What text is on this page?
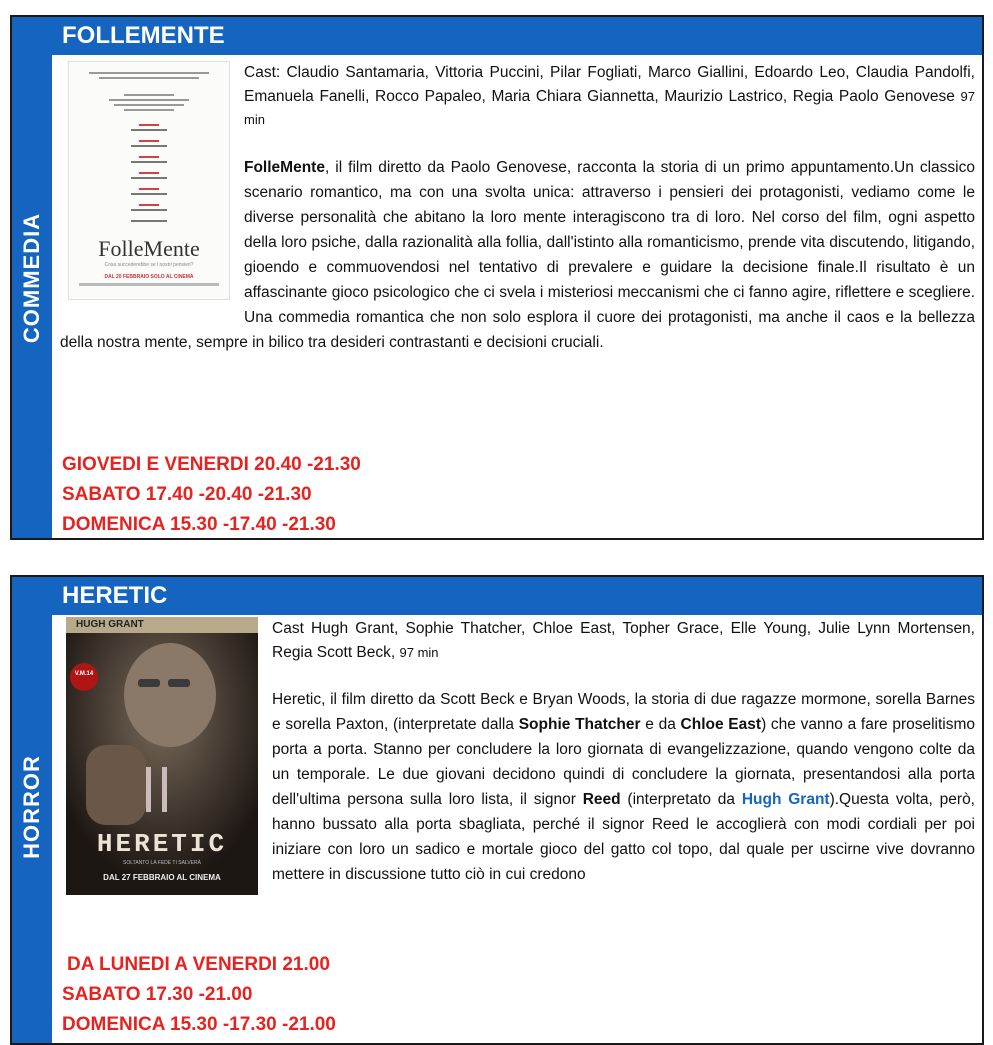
COMMEDIA
FOLLEMENTE
FolleMente
Cosa succederebbe se i nostri pensieri?
DAL 20 FEBBRAIO SOLO AL CINEMA
Cast: Claudio Santamaria, Vittoria Puccini, Pilar Fogliati, Marco Giallini, Edoardo Leo, Claudia Pandolfi, Emanuela Fanelli, Rocco Papaleo, Maria Chiara Giannetta, Maurizio Lastrico, Regia Paolo Genovese 97 min
FolleMente, il film diretto da Paolo Genovese, racconta la storia di un primo appuntamento.Un classico scenario romantico, ma con una svolta unica: attraverso i pensieri dei protagonisti, vediamo come le diverse personalità che abitano la loro mente interagiscono tra di loro. Nel corso del film, ogni aspetto della loro psiche, dalla razionalità alla follia, dall'istinto alla romanticismo, prende vita discutendo, litigando, gioendo e commuovendosi nel tentativo di prevalere e guidare la decisione finale.Il risultato è un affascinante gioco psicologico che ci svela i misteriosi meccanismi che ci fanno agire, riflettere e scegliere. Una commedia romantica che non solo esplora il cuore dei protagonisti, ma anche il caos e la bellezza della nostra mente, sempre in bilico tra desideri contrastanti e decisioni cruciali.
GIOVEDI E VENERDI 20.40 -21.30
SABATO 17.40 -20.40 -21.30
DOMENICA 15.30 -17.40 -21.30
HORROR
HERETIC
HUGH GRANT
V.M.14
HERETIC
SOLTANTO LA FEDE TI SALVERÀ
DAL 27 FEBBRAIO AL CINEMA
Cast Hugh Grant, Sophie Thatcher, Chloe East, Topher Grace, Elle Young, Julie Lynn Mortensen, Regia Scott Beck, 97 min
Heretic, il film diretto da Scott Beck e Bryan Woods, la storia di due ragazze mormone, sorella Barnes e sorella Paxton, (interpretate dalla Sophie Thatcher e da Chloe East) che vanno a fare proselitismo porta a porta. Stanno per concludere la loro giornata di evangelizzazione, quando vengono colte da un temporale. Le due giovani decidono quindi di concludere la giornata, presentandosi alla porta dell'ultima persona sulla loro lista, il signor Reed (interpretato da Hugh Grant).Questa volta, però, hanno bussato alla porta sbagliata, perché il signor Reed le accoglierà con modi cordiali per poi iniziare con loro un sadico e mortale gioco del gatto col topo, dal quale per uscirne vive dovranno mettere in discussione tutto ciò in cui credono
DA LUNEDI A VENERDI 21.00
SABATO 17.30 -21.00
DOMENICA 15.30 -17.30 -21.00
